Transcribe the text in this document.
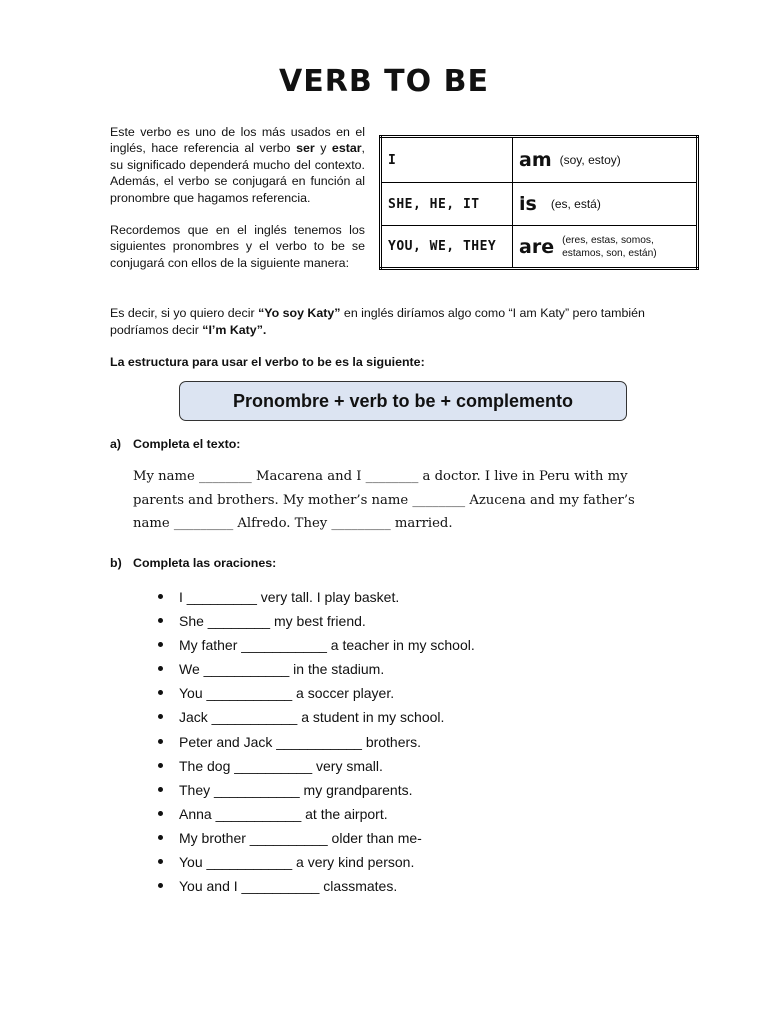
VERB TO BE

Este verbo es uno de los más usados en el inglés, hace referencia al verbo ser y estar, su significado dependerá mucho del contexto. Además, el verbo se conjugará en función al pronombre que hagamos referencia.

Recordemos que en el inglés tenemos los siguientes pronombres y el verbo to be se conjugará con ellos de la siguiente manera:

I	am (soy, estoy)
SHE, HE, IT	is (es, está)
YOU, WE, THEY	are (eres, estas, somos, estamos, son, están)

Es decir, si yo quiero decir “Yo soy Katy” en inglés diríamos algo como “I am Katy” pero también podríamos decir “I’m Katy”.

La estructura para usar el verbo to be es la siguiente:
Pronombre + verb to be + complemento
a) Completa el texto:
My name ________ Macarena and I ________ a doctor. I live in Peru with my
parents and brothers. My mother’s name ________ Azucena and my father’s
name _________ Alfredo. They _________ married.
b) Completa las oraciones:
I _________ very tall. I play basket.
She ________ my best friend.
My father ___________ a teacher in my school.
We ___________ in the stadium.
You ___________ a soccer player.
Jack ___________ a student in my school.
Peter and Jack ___________ brothers.
The dog __________ very small.
They ___________ my grandparents.
Anna ___________ at the airport.
My brother __________ older than me-
You ___________ a very kind person.
You and I __________ classmates.
